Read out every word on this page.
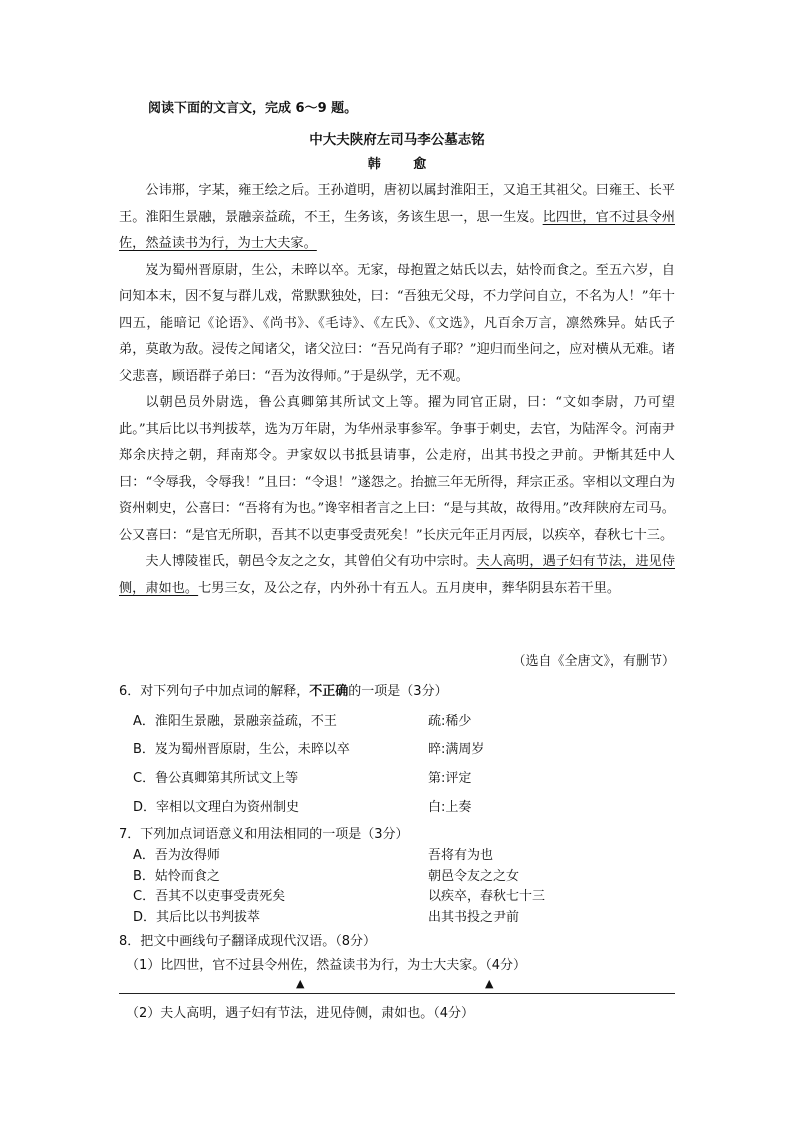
阅读下面的文言文，完成 6～9 题。
中大夫陕府左司马李公墓志铭
韩 愈

公讳郱，字某，雍王绘之后。王孙道明，唐初以属封淮阳王，又追王其祖父。曰雍王、长平王。淮阳生景融，景融亲益疏，不王，生务该，务该生思一，思一生岌。比四世，官不过县令州佐，然益读书为行，为士大夫家。

岌为蜀州晋原尉，生公，未晬以卒。无家，母抱置之姑氏以去，姑怜而食之。至五六岁，自问知本末，因不复与群儿戏，常默默独处，曰：“吾独无父母，不力学问自立，不名为人！”年十四五，能暗记《论语》、《尚书》、《毛诗》、《左氏》、《文选》，凡百余万言，凛然殊异。姑氏子弟，莫敢为敌。浸传之闻诸父，诸父泣曰：“吾兄尚有子耶？”迎归而坐问之，应对横从无难。诸父悲喜，顾语群子弟曰：“吾为汝得师。”于是纵学，无不观。

以朝邑员外尉选，鲁公真卿第其所试文上等。擢为同官正尉，曰：“文如李尉，乃可望此。”其后比以书判拔萃，选为万年尉，为华州录事参军。争事于刺史，去官，为陆浑令。河南尹郑余庆持之朝，拜南郑令。尹家奴以书抵县请事，公走府，出其书投之尹前。尹惭其廷中人曰：“令辱我，令辱我！”且曰：“令退！”遂怨之。抬摭三年无所得，拜宗正丞。宰相以文理白为资州刺史，公喜曰：“吾将有为也。”谗宰相者言之上曰：“是与其故，故得用。”改拜陕府左司马。公又喜曰：“是官无所职，吾其不以吏事受责死矣！”长庆元年正月丙辰，以疾卒，春秋七十三。

夫人博陵崔氏，朝邑令友之之女，其曾伯父有功中宗时。夫人高明，遇子妇有节法，进见侍侧，肃如也。七男三女，及公之存，内外孙十有五人。五月庚申，葬华阴县东若干里。

（选自《全唐文》，有删节）
6．对下列句子中加点词的解释，不正确的一项是（3分）
A．淮阳生景融，景融亲益疏，不王	疏:稀少
B．岌为蜀州晋原尉，生公，未晬以卒	晬:满周岁
C．鲁公真卿第其所试文上等	第:评定
D．宰相以文理白为资州制史	白:上奏
7．下列加点词语意义和用法相同的一项是（3分）
A．吾为汝得师	吾将有为也
B．姑怜而食之	朝邑令友之之女
C．吾其不以吏事受责死矣	以疾卒，春秋七十三
D．其后比以书判拔萃	出其书投之尹前
8．把文中画线句子翻译成现代汉语。（8分）
（1）比四世，官不过县令州佐，然益读书为行，为士大夫家。（4分）
▲	▲
（2）夫人高明，遇子妇有节法，进见侍侧，肃如也。（4分）
